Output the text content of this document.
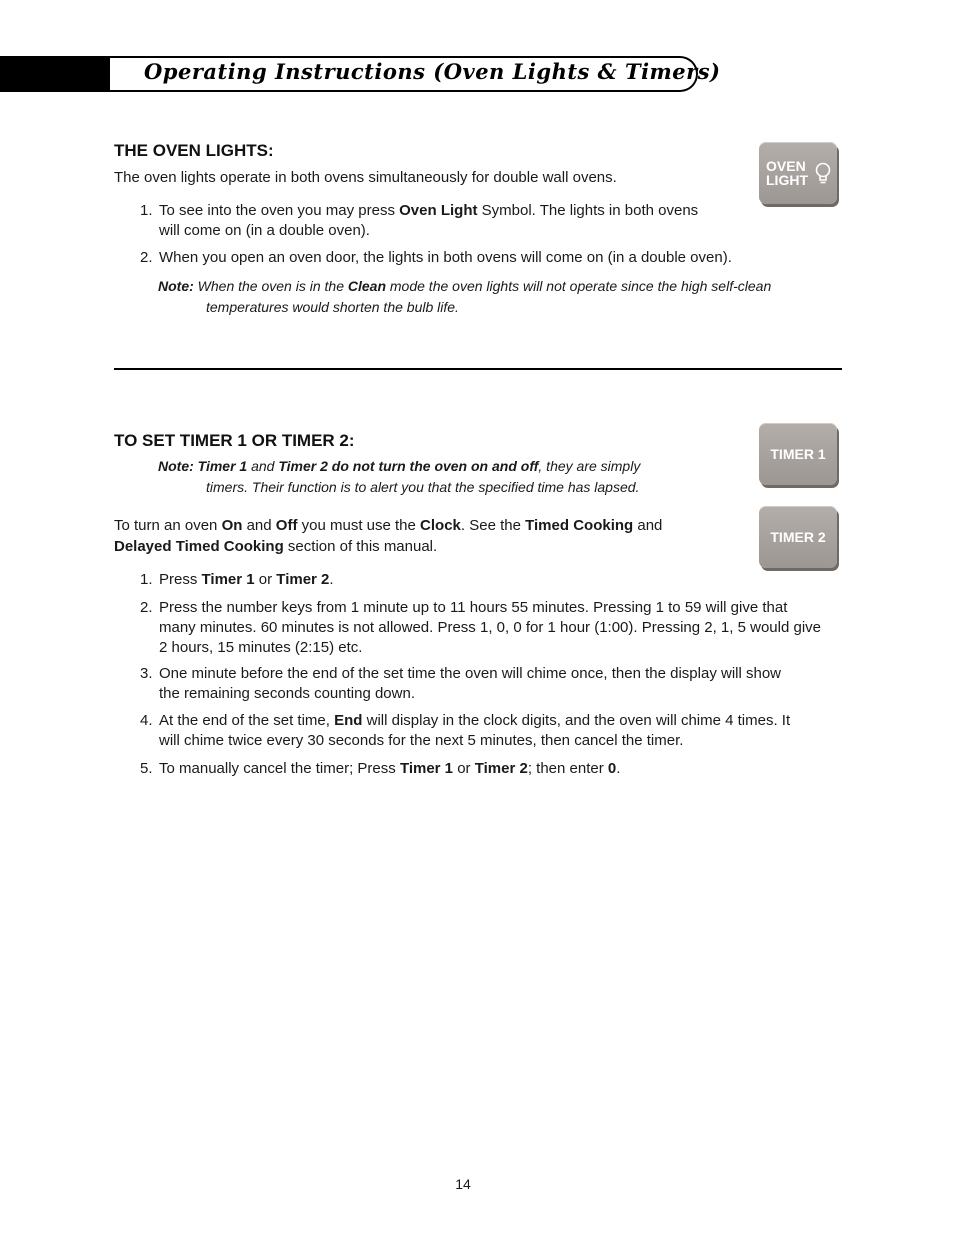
Operating Instructions (Oven Lights & Timers)
THE OVEN LIGHTS:
The oven lights operate in both ovens simultaneously for double wall ovens.
1. To see into the oven you may press Oven Light Symbol. The lights in both ovens
will come on (in a double oven).
2. When you open an oven door, the lights in both ovens will come on (in a double oven).
Note: When the oven is in the Clean mode the oven lights will not operate since the high self-clean
temperatures would shorten the bulb life.
OVEN
LIGHT
TO SET TIMER 1 OR TIMER 2:
Note: Timer 1 and Timer 2 do not turn the oven on and off, they are simply
timers. Their function is to alert you that the specified time has lapsed.
To turn an oven On and Off you must use the Clock. See the Timed Cooking and
Delayed Timed Cooking section of this manual.
1. Press Timer 1 or Timer 2.
2. Press the number keys from 1 minute up to 11 hours 55 minutes. Pressing 1 to 59 will give that
many minutes. 60 minutes is not allowed. Press 1, 0, 0 for 1 hour (1:00). Pressing 2, 1, 5 would give
2 hours, 15 minutes (2:15) etc.
3. One minute before the end of the set time the oven will chime once, then the display will show
the remaining seconds counting down.
4. At the end of the set time, End will display in the clock digits, and the oven will chime 4 times. It
will chime twice every 30 seconds for the next 5 minutes, then cancel the timer.
5. To manually cancel the timer; Press Timer 1 or Timer 2; then enter 0.
TIMER 1
TIMER 2
14
